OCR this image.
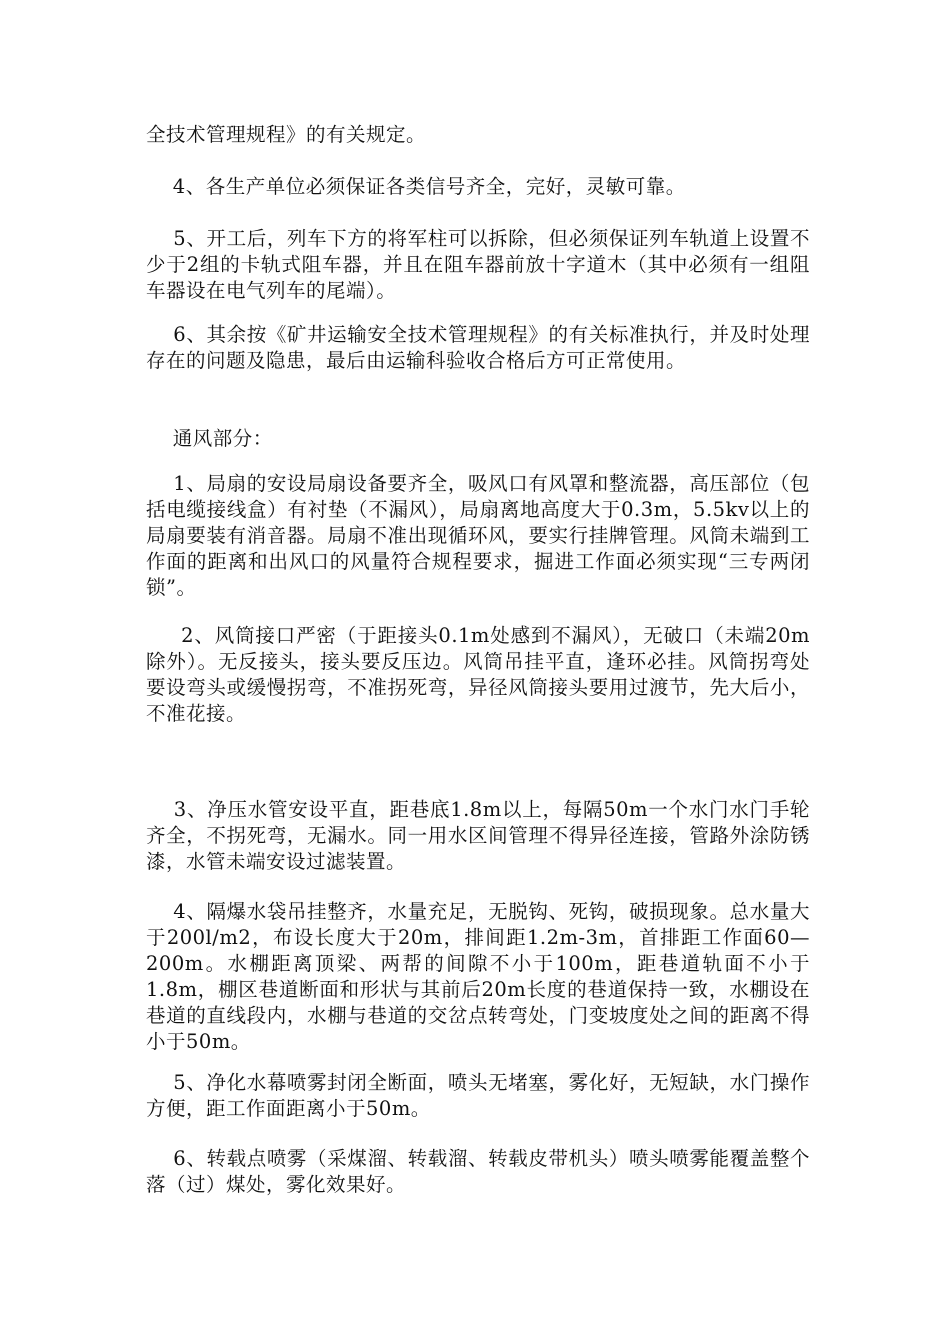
全技术管理规程》的有关规定。

4、各生产单位必须保证各类信号齐全，完好，灵敏可靠。

5、开工后，列车下方的将军柱可以拆除，但必须保证列车轨道上设置不少于2组的卡轨式阻车器，并且在阻车器前放十字道木（其中必须有一组阻车器设在电气列车的尾端）。

6、其余按《矿井运输安全技术管理规程》的有关标准执行，并及时处理存在的问题及隐患，最后由运输科验收合格后方可正常使用。

通风部分：

1、局扇的安设局扇设备要齐全，吸风口有风罩和整流器，高压部位（包括电缆接线盒）有衬垫（不漏风），局扇离地高度大于0.3m，5.5kv以上的局扇要装有消音器。局扇不准出现循环风，要实行挂牌管理。风筒未端到工作面的距离和出风口的风量符合规程要求，掘进工作面必须实现“三专两闭锁”。

2、风筒接口严密（于距接头0.1m处感到不漏风），无破口（未端20m除外）。无反接头，接头要反压边。风筒吊挂平直，逢环必挂。风筒拐弯处要设弯头或缓慢拐弯，不准拐死弯，异径风筒接头要用过渡节，先大后小，不准花接。

3、净压水管安设平直，距巷底1.8m以上，每隔50m一个水门水门手轮齐全，不拐死弯，无漏水。同一用水区间管理不得异径连接，管路外涂防锈漆，水管未端安设过滤装置。

4、隔爆水袋吊挂整齐，水量充足，无脱钩、死钩，破损现象。总水量大于200l/m2，布设长度大于20m，排间距1.2m-3m，首排距工作面60—200m。水棚距离顶梁、两帮的间隙不小于100m，距巷道轨面不小于1.8m，棚区巷道断面和形状与其前后20m长度的巷道保持一致，水棚设在巷道的直线段内，水棚与巷道的交岔点转弯处，门变坡度处之间的距离不得小于50m。

5、净化水幕喷雾封闭全断面，喷头无堵塞，雾化好，无短缺，水门操作方便，距工作面距离小于50m。

6、转载点喷雾（采煤溜、转载溜、转载皮带机头）喷头喷雾能覆盖整个落（过）煤处，雾化效果好。
